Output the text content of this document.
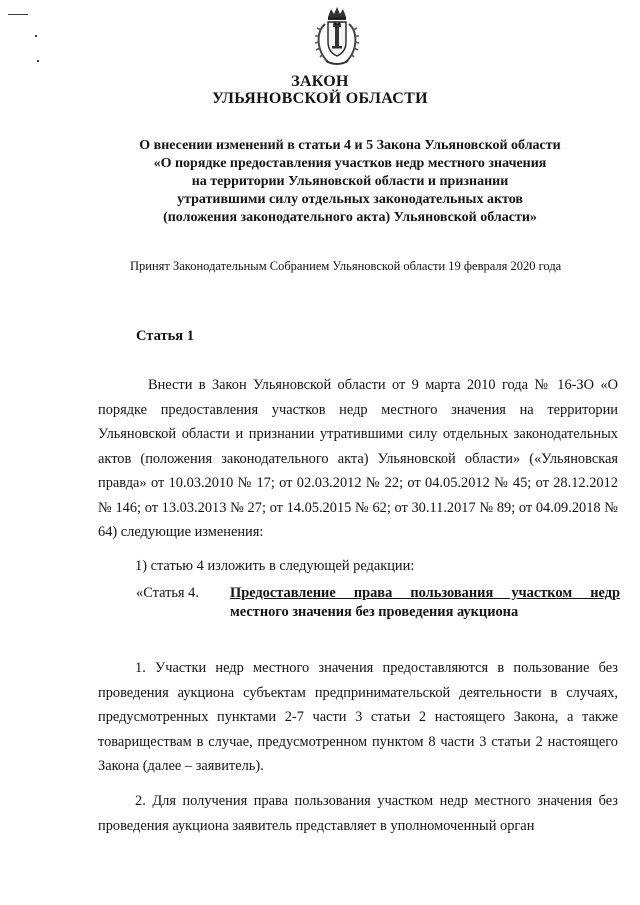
ЗАКОН
УЛЬЯНОВСКОЙ ОБЛАСТИ
О внесении изменений в статьи 4 и 5 Закона Ульяновской области
«О порядке предоставления участков недр местного значения
на территории Ульяновской области и признании
утратившими силу отдельных законодательных актов
(положения законодательного акта) Ульяновской области»
Принят Законодательным Собранием Ульяновской области 19 февраля 2020 года
Статья 1
Внести в Закон Ульяновской области от 9 марта 2010 года № 16-ЗО «О порядке предоставления участков недр местного значения на территории Ульяновской области и признании утратившими силу отдельных законодательных актов (положения законодательного акта) Ульяновской области» («Ульяновская правда» от 10.03.2010 № 17; от 02.03.2012 № 22; от 04.05.2012 № 45; от 28.12.2012 № 146; от 13.03.2013 № 27; от 14.05.2015 № 62; от 30.11.2017 № 89; от 04.09.2018 № 64) следующие изменения:
1) статью 4 изложить в следующей редакции:
«Статья 4. Предоставление права пользования участком недр местного значения без проведения аукциона
1. Участки недр местного значения предоставляются в пользование без проведения аукциона субъектам предпринимательской деятельности в случаях, предусмотренных пунктами 2-7 части 3 статьи 2 настоящего Закона, а также товариществам в случае, предусмотренном пунктом 8 части 3 статьи 2 настоящего Закона (далее – заявитель).
2. Для получения права пользования участком недр местного значения без проведения аукциона заявитель представляет в уполномоченный орган
